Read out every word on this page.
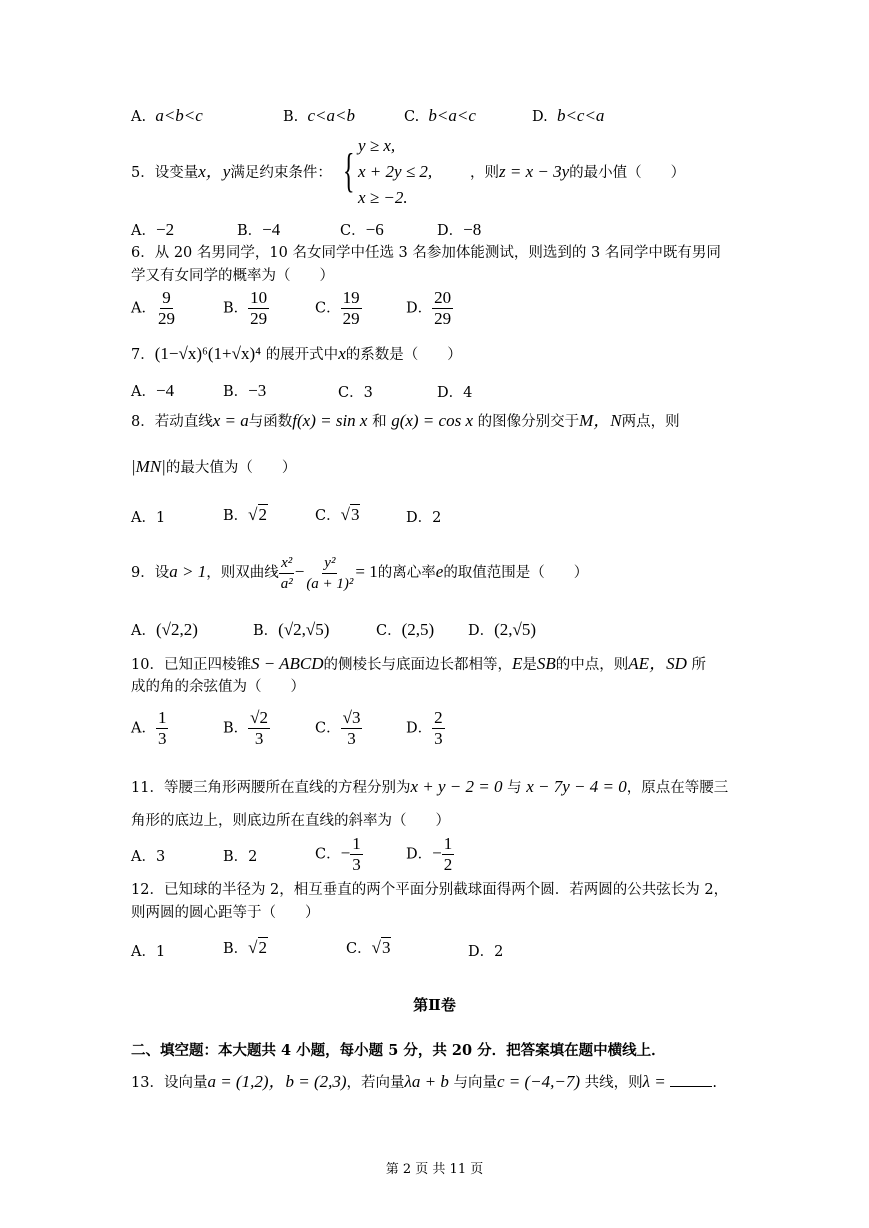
A. a<b<c	B. c<a<b	C. b<a<c	D. b<c<a
5．设变量x，y满足约束条件： { y ≥ x,
x + 2y ≤ 2,
x ≥ −2.
，则z = x − 3y的最小值（　　）
A．−2	B．−4	C．−6	D．−8
6．从 20 名男同学，10 名女同学中任选 3 名参加体能测试，则选到的 3 名同学中既有男同
学又有女同学的概率为（　　）
A． $\frac{9}{29}$	B． $\frac{10}{29}$	C． $\frac{19}{29}$	D． $\frac{20}{29}$
7．(1−√x)⁶(1+√x)⁴ 的展开式中x的系数是（　　）
A．−4	B．−3	C．3	D．4
8．若动直线x = a与函数f(x) = sin x 和 g(x) = cos x 的图像分别交于M，N两点，则
|MN|的最大值为（　　）
A．1	B．√2	C．√3	D．2
9．设a > 1，则双曲线 $\frac{\text{x²}}{\text{a²}} - \frac{\text{y²}}{\text{(a + 1)²}} = 1$的离心率e的取值范围是（　　）
A．(√2,2)	B．(√2,√5)	C．(2,5) D．(2,√5)
10．已知正四棱锥S − ABCD的侧棱长与底面边长都相等，E是SB的中点，则AE，SD 所
成的角的余弦值为（　　）
A． $\frac{1}{3}$	B． $\frac{√2}{3}$	C． $\frac{√3}{3}$	D． $\frac{2}{3}$
11．等腰三角形两腰所在直线的方程分别为x + y − 2 = 0 与 x − 7y − 4 = 0，原点在等腰三
角形的底边上，则底边所在直线的斜率为（　　）
A．3	B．2	C．− $\frac{1}{3}$	D．− $\frac{1}{2}$
12．已知球的半径为 2，相互垂直的两个平面分别截球面得两个圆．若两圆的公共弦长为 2，
则两圆的圆心距等于（　　）
A．1	B．√2	C．√3	D．2
第Ⅱ卷
二、填空题：本大题共 4 小题，每小题 5 分，共 20 分．把答案填在题中横线上．
13．设向量a = (1,2)，b = (2,3)，若向量λa + b 与向量c = (−4,−7) 共线，则λ =	.
第 2 页 共 11 页
